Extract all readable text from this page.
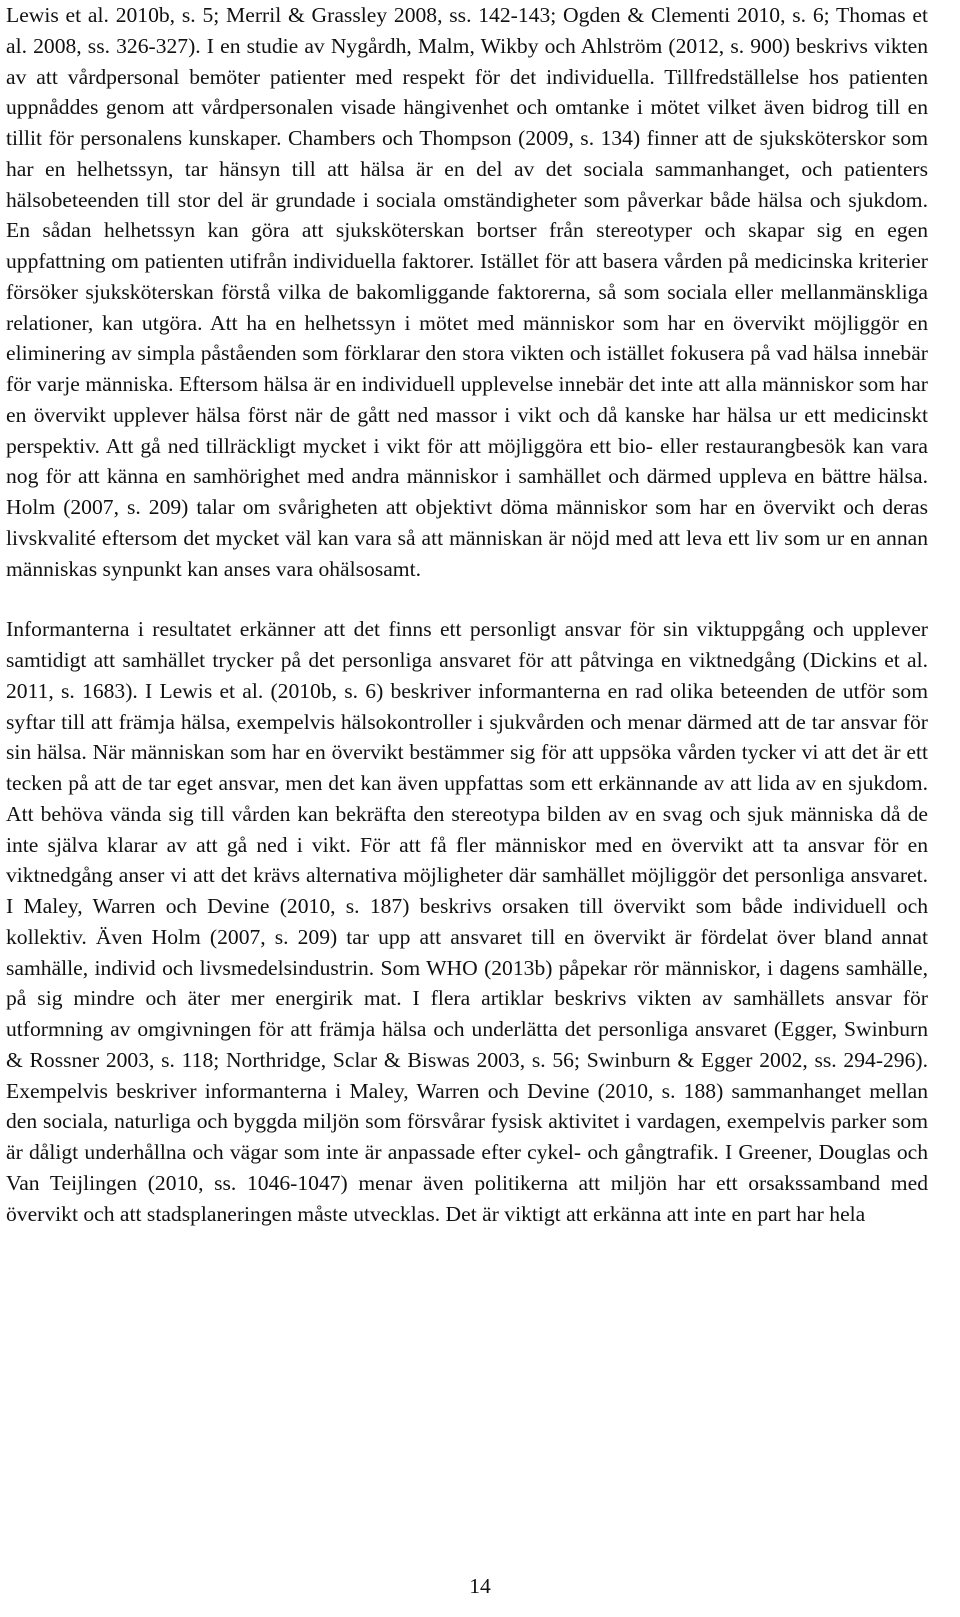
Lewis et al. 2010b, s. 5; Merril & Grassley 2008, ss. 142-143; Ogden & Clementi 2010, s. 6; Thomas et al. 2008, ss. 326-327). I en studie av Nygårdh, Malm, Wikby och Ahlström (2012, s. 900) beskrivs vikten av att vårdpersonal bemöter patienter med respekt för det individuella. Tillfredställelse hos patienten uppnåddes genom att vårdpersonalen visade hängivenhet och omtanke i mötet vilket även bidrog till en tillit för personalens kunskaper. Chambers och Thompson (2009, s. 134) finner att de sjuksköterskor som har en helhetssyn, tar hänsyn till att hälsa är en del av det sociala sammanhanget, och patienters hälsobeteenden till stor del är grundade i sociala omständigheter som påverkar både hälsa och sjukdom. En sådan helhetssyn kan göra att sjuksköterskan bortser från stereotyper och skapar sig en egen uppfattning om patienten utifrån individuella faktorer. Istället för att basera vården på medicinska kriterier försöker sjuksköterskan förstå vilka de bakomliggande faktorerna, så som sociala eller mellanmänskliga relationer, kan utgöra. Att ha en helhetssyn i mötet med människor som har en övervikt möjliggör en eliminering av simpla påståenden som förklarar den stora vikten och istället fokusera på vad hälsa innebär för varje människa. Eftersom hälsa är en individuell upplevelse innebär det inte att alla människor som har en övervikt upplever hälsa först när de gått ned massor i vikt och då kanske har hälsa ur ett medicinskt perspektiv. Att gå ned tillräckligt mycket i vikt för att möjliggöra ett bio- eller restaurangbesök kan vara nog för att känna en samhörighet med andra människor i samhället och därmed uppleva en bättre hälsa. Holm (2007, s. 209) talar om svårigheten att objektivt döma människor som har en övervikt och deras livskvalité eftersom det mycket väl kan vara så att människan är nöjd med att leva ett liv som ur en annan människas synpunkt kan anses vara ohälsosamt.

Informanterna i resultatet erkänner att det finns ett personligt ansvar för sin viktuppgång och upplever samtidigt att samhället trycker på det personliga ansvaret för att påtvinga en viktnedgång (Dickins et al. 2011, s. 1683). I Lewis et al. (2010b, s. 6) beskriver informanterna en rad olika beteenden de utför som syftar till att främja hälsa, exempelvis hälsokontroller i sjukvården och menar därmed att de tar ansvar för sin hälsa. När människan som har en övervikt bestämmer sig för att uppsöka vården tycker vi att det är ett tecken på att de tar eget ansvar, men det kan även uppfattas som ett erkännande av att lida av en sjukdom. Att behöva vända sig till vården kan bekräfta den stereotypa bilden av en svag och sjuk människa då de inte själva klarar av att gå ned i vikt. För att få fler människor med en övervikt att ta ansvar för en viktnedgång anser vi att det krävs alternativa möjligheter där samhället möjliggör det personliga ansvaret. I Maley, Warren och Devine (2010, s. 187) beskrivs orsaken till övervikt som både individuell och kollektiv. Även Holm (2007, s. 209) tar upp att ansvaret till en övervikt är fördelat över bland annat samhälle, individ och livsmedelsindustrin. Som WHO (2013b) påpekar rör människor, i dagens samhälle, på sig mindre och äter mer energirik mat. I flera artiklar beskrivs vikten av samhällets ansvar för utformning av omgivningen för att främja hälsa och underlätta det personliga ansvaret (Egger, Swinburn & Rossner 2003, s. 118; Northridge, Sclar & Biswas 2003, s. 56; Swinburn & Egger 2002, ss. 294-296). Exempelvis beskriver informanterna i Maley, Warren och Devine (2010, s. 188) sammanhanget mellan den sociala, naturliga och byggda miljön som försvårar fysisk aktivitet i vardagen, exempelvis parker som är dåligt underhållna och vägar som inte är anpassade efter cykel- och gångtrafik. I Greener, Douglas och Van Teijlingen (2010, ss. 1046-1047) menar även politikerna att miljön har ett orsakssamband med övervikt och att stadsplaneringen måste utvecklas. Det är viktigt att erkänna att inte en part har hela

14
